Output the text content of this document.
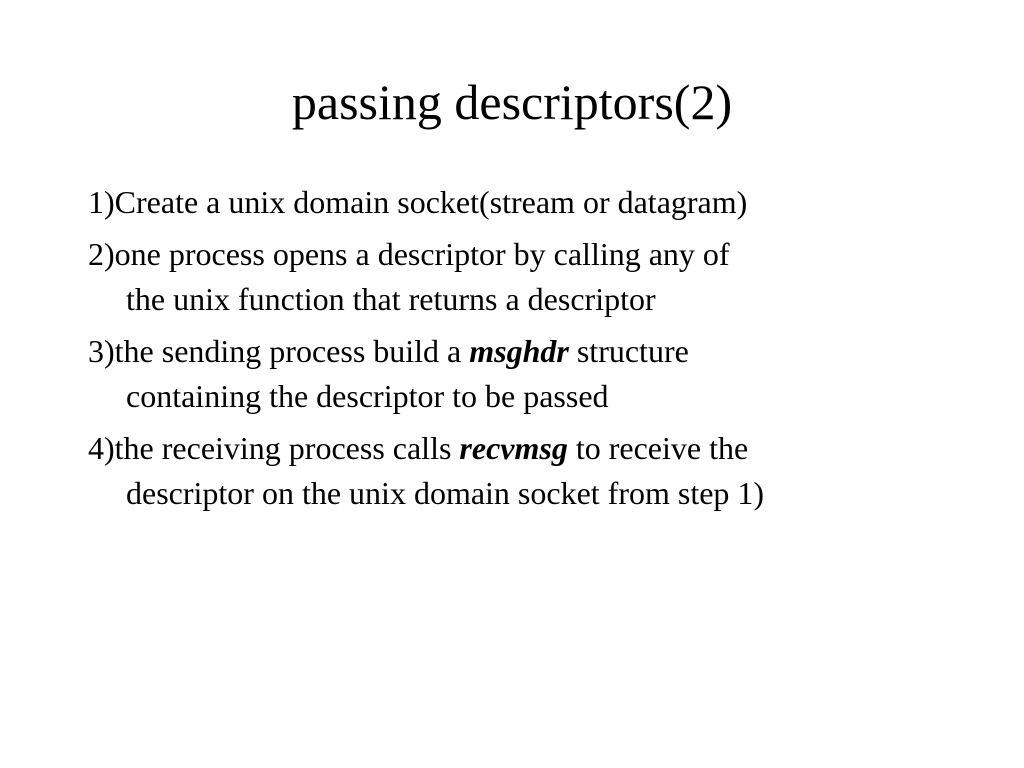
passing descriptors(2)
1)Create a unix domain socket(stream or datagram)
2)one process opens a descriptor by calling any of
the unix function that returns a descriptor
3)the sending process build a msghdr structure
containing the descriptor to be passed
4)the receiving process calls recvmsg to receive the
descriptor on the unix domain socket from step 1)
